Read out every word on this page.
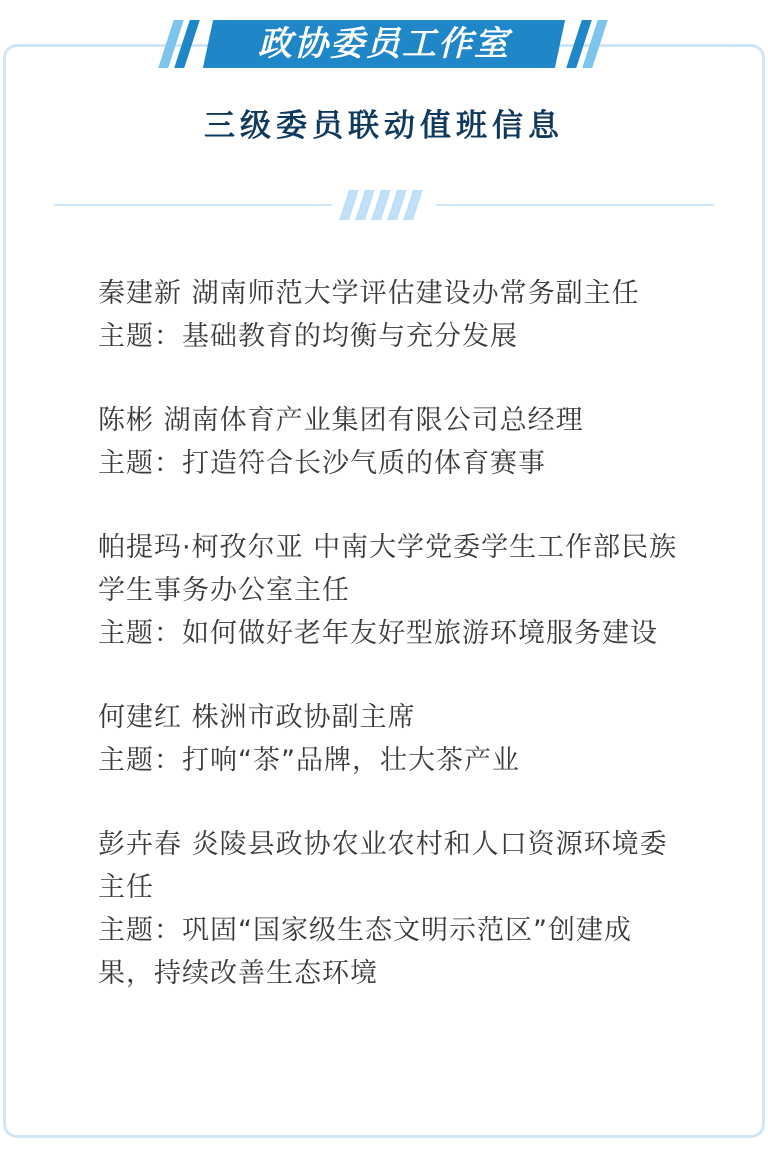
政协委员工作室
三级委员联动值班信息

秦建新 湖南师范大学评估建设办常务副主任

主题：基础教育的均衡与充分发展

陈彬 湖南体育产业集团有限公司总经理

主题：打造符合长沙气质的体育赛事

帕提玛·柯孜尔亚 中南大学党委学生工作部民族学生事务办公室主任

主题：如何做好老年友好型旅游环境服务建设

何建红 株洲市政协副主席

主题：打响“茶”品牌，壮大茶产业

彭卉春 炎陵县政协农业农村和人口资源环境委主任

主题：巩固“国家级生态文明示范区”创建成果，持续改善生态环境
